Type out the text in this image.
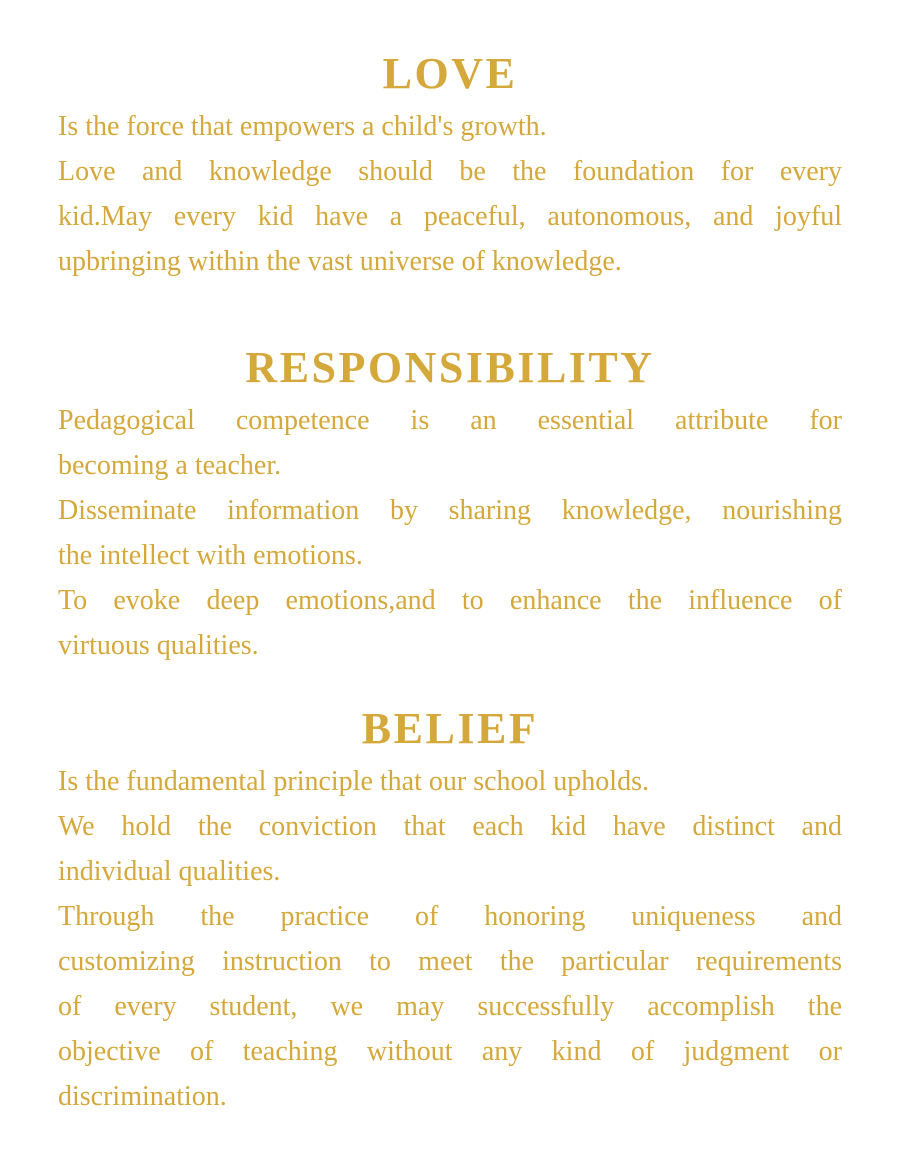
LOVE
Is the force that empowers a child's growth.
Love and knowledge should be the foundation for every
kid.May every kid have a peaceful, autonomous, and joyful
upbringing within the vast universe of knowledge.
RESPONSIBILITY
Pedagogical competence is an essential attribute for
becoming a teacher.
Disseminate information by sharing knowledge, nourishing
the intellect with emotions.
To evoke deep emotions,and to enhance the influence of
virtuous qualities.
BELIEF
Is the fundamental principle that our school upholds.
We hold the conviction that each kid have distinct and
individual qualities.
Through the practice of honoring uniqueness and
customizing instruction to meet the particular requirements
of every student, we may successfully accomplish the
objective of teaching without any kind of judgment or
discrimination.
